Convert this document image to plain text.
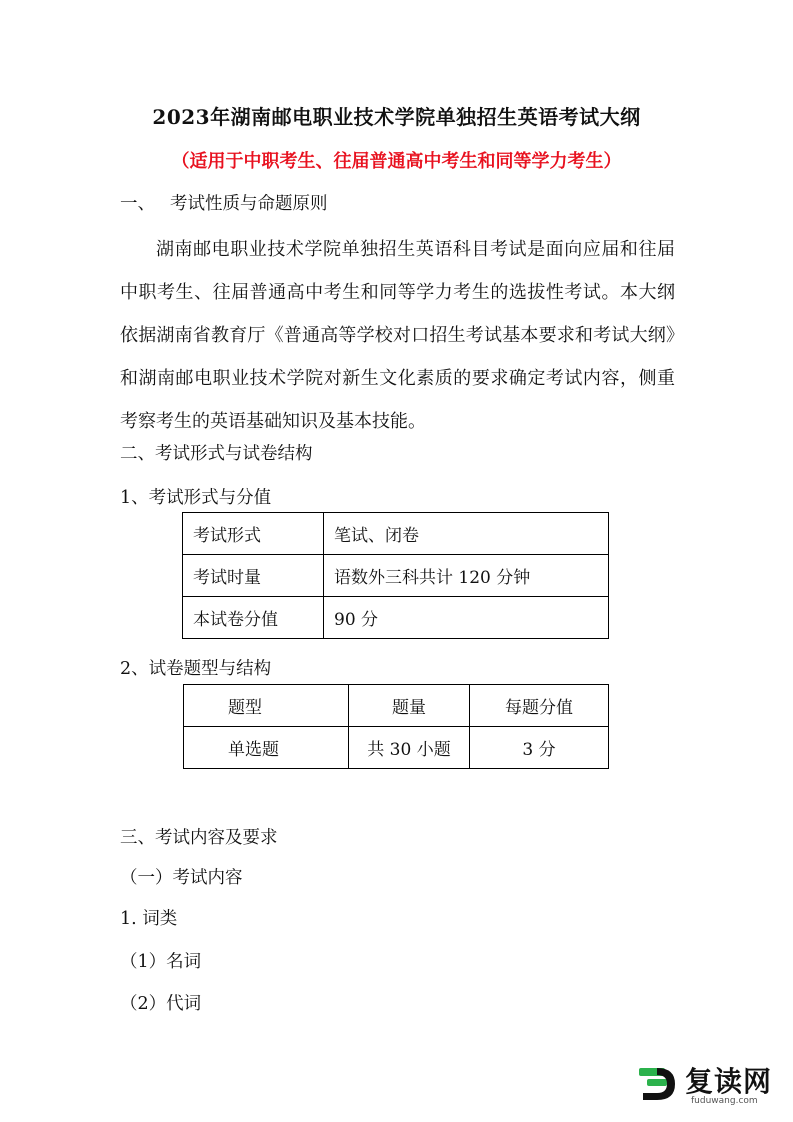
2023年湖南邮电职业技术学院单独招生英语考试大纲
（适用于中职考生、往届普通高中考生和同等学力考生）
一、 考试性质与命题原则
湖南邮电职业技术学院单独招生英语科目考试是面向应届和往届中职考生、往届普通高中考生和同等学力考生的选拔性考试。本大纲依据湖南省教育厅《普通高等学校对口招生考试基本要求和考试大纲》和湖南邮电职业技术学院对新生文化素质的要求确定考试内容，侧重考察考生的英语基础知识及基本技能。
二、考试形式与试卷结构
1、考试形式与分值
考试形式	笔试、闭卷
考试时量	语数外三科共计 120 分钟
本试卷分值	90 分
2、试卷题型与结构
题型	题量	每题分值
单选题	共 30 小题	3 分
三、考试内容及要求
（一）考试内容
1. 词类
（1）名词
（2）代词
复读网
fuduwang.com
